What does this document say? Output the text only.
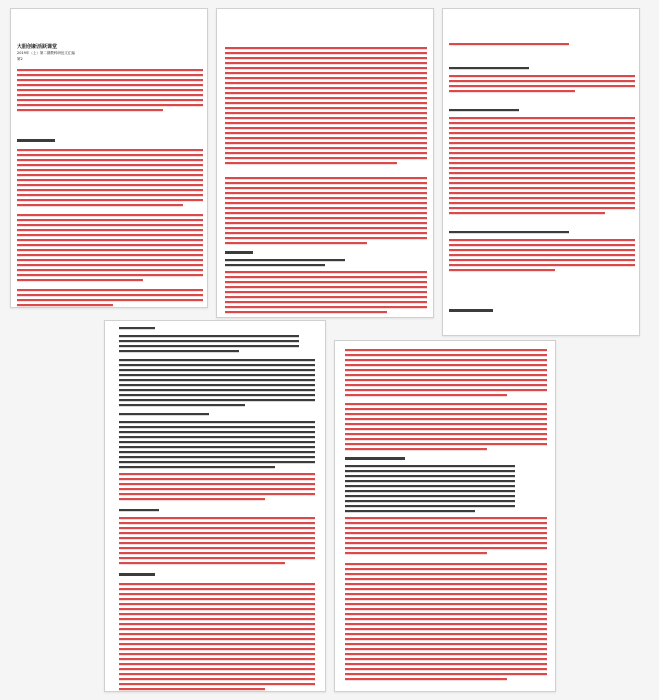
大胆创新活跃课堂
2019年（上）第二期教科研论文汇编
第2
